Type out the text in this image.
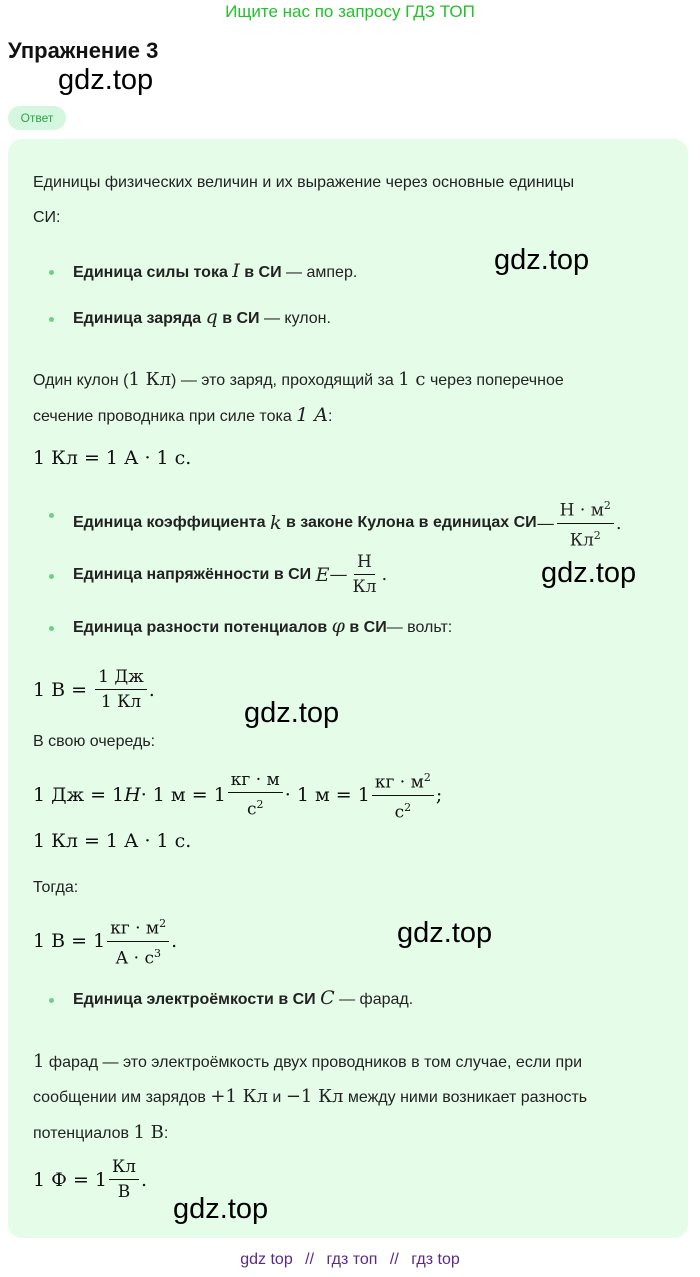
Ищите нас по запросу ГДЗ ТОП
Упражнение 3
gdz.top
Ответ
Единицы физических величин и их выражение через основные единицы
СИ:
Единица силы тока I в СИ — ампер.	gdz.top
Единица заряда q в СИ — кулон.
Один кулон (1 Кл) — это заряд, проходящий за 1 с через поперечное
сечение проводника при силе тока 1 A:
1 Кл = 1 А · 1 с.
Единица коэффициента
k
в законе Кулона в единицах СИ — $\frac{Н \cdot м^2}{Кл^2}$ .
Единица напряжённости в СИ
E — $\frac{Н}{Кл}$ .	gdz.top
Единица разности потенциалов φ в СИ— вольт:
1 В =
$\frac{1 Дж}{1 Кл}$ .
gdz.top
В свою очередь:
1 Дж = 1 Н · 1 $м = 1 \frac{кг \cdot м}{с^2} \cdot 1$ $м = 1 \frac{кг \cdot м^2}{с^2}$ ;
1 Кл = 1 А · 1 с.
Тогда:
1 $В = 1 \frac{кг \cdot м^2}{А \cdot с^3}$ .	gdz.top
Единица электроёмкости в СИ C — фарад.
1 фарад — это электроёмкость двух проводников в том случае, если при
сообщении им зарядов +1 Кл и −1 Кл между ними возникает разность
потенциалов 1 В:
1 $Ф = 1 \frac{Кл}{В}$ .
gdz.top
gdz top // гдз топ // гдз top
